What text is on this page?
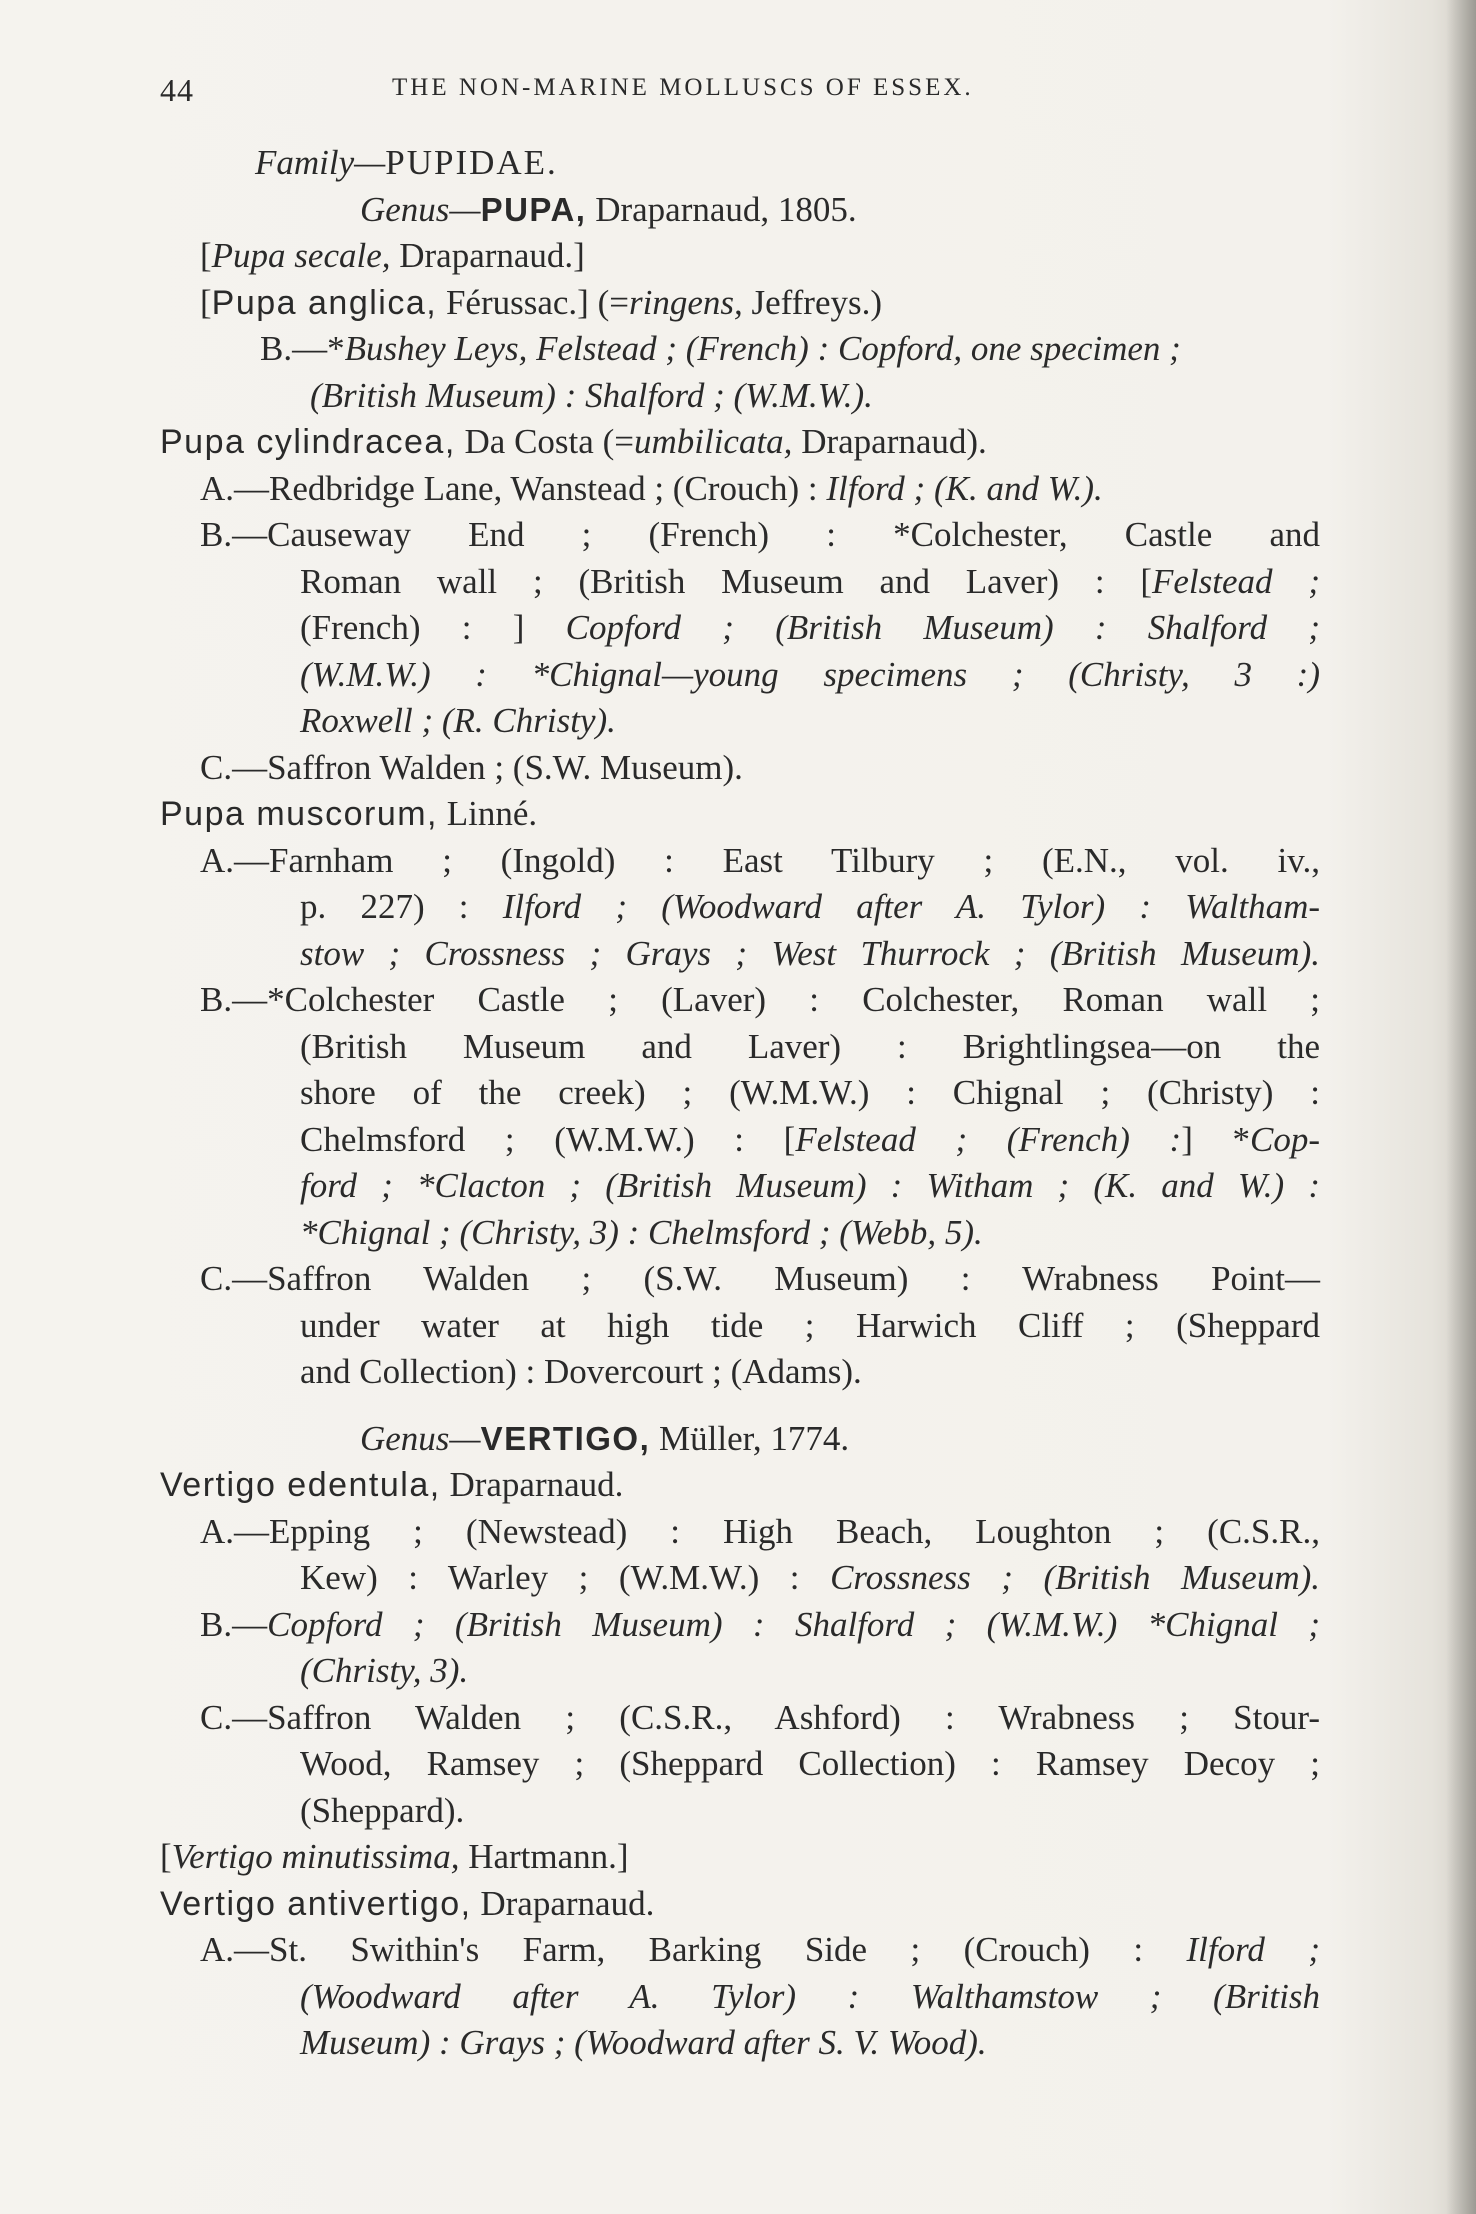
44	THE NON-MARINE MOLLUSCS OF ESSEX.
Family—PUPIDAE.
Genus—PUPA, Draparnaud, 1805.
[Pupa secale, Draparnaud.]
[Pupa anglica, Férussac.] (=ringens, Jeffreys.)
B.—*Bushey Leys, Felstead ; (French) : Copford, one specimen ;
(British Museum) : Shalford ; (W.M.W.).
Pupa cylindracea, Da Costa (=umbilicata, Draparnaud).
A.—Redbridge Lane, Wanstead ; (Crouch) : Ilford ; (K. and W.).
B.—Causeway End ; (French) : *Colchester, Castle and
Roman wall ; (British Museum and Laver) : [Felstead ;
(French) : ] Copford ; (British Museum) : Shalford ;
(W.M.W.) : *Chignal—young specimens ; (Christy, 3 :)
Roxwell ; (R. Christy).
C.—Saffron Walden ; (S.W. Museum).
Pupa muscorum, Linné.
A.—Farnham ; (Ingold) : East Tilbury ; (E.N., vol. iv.,
p. 227) : Ilford ; (Woodward after A. Tylor) : Waltham-
stow ; Crossness ; Grays ; West Thurrock ; (British Museum).
B.—*Colchester Castle ; (Laver) : Colchester, Roman wall ;
(British Museum and Laver) : Brightlingsea—on the
shore of the creek) ; (W.M.W.) : Chignal ; (Christy) :
Chelmsford ; (W.M.W.) : [Felstead ; (French) :] *Cop-
ford ; *Clacton ; (British Museum) : Witham ; (K. and W.) :
*Chignal ; (Christy, 3) : Chelmsford ; (Webb, 5).
C.—Saffron Walden ; (S.W. Museum) : Wrabness Point—
under water at high tide ; Harwich Cliff ; (Sheppard
and Collection) : Dovercourt ; (Adams).
Genus—VERTIGO, Müller, 1774.
Vertigo edentula, Draparnaud.
A.—Epping ; (Newstead) : High Beach, Loughton ; (C.S.R.,
Kew) : Warley ; (W.M.W.) : Crossness ; (British Museum).
B.—Copford ; (British Museum) : Shalford ; (W.M.W.) *Chignal ;
(Christy, 3).
C.—Saffron Walden ; (C.S.R., Ashford) : Wrabness ; Stour-
Wood, Ramsey ; (Sheppard Collection) : Ramsey Decoy ;
(Sheppard).
[Vertigo minutissima, Hartmann.]
Vertigo antivertigo, Draparnaud.
A.—St. Swithin's Farm, Barking Side ; (Crouch) : Ilford ;
(Woodward after A. Tylor) : Walthamstow ; (British
Museum) : Grays ; (Woodward after S. V. Wood).
